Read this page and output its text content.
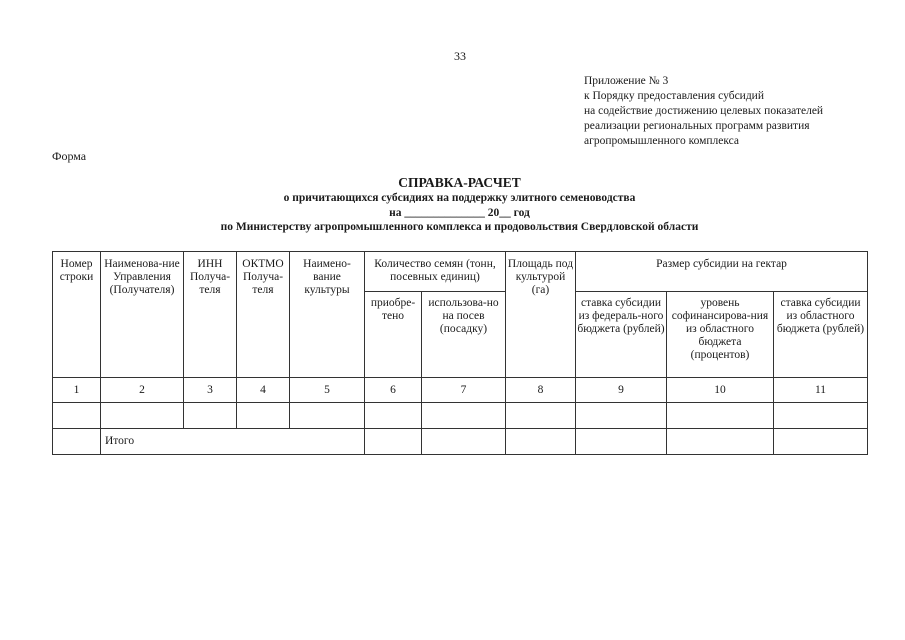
33
Приложение № 3
к Порядку предоставления субсидий
на содействие достижению целевых показателей
реализации региональных программ развития
агропромышленного комплекса
Форма
СПРАВКА-РАСЧЕТ
о причитающихся субсидиях на поддержку элитного семеноводства
на ______________ 20__ год
по Министерству агропромышленного комплекса и продовольствия Свердловской области
Номер строки	Наименова-ние Управления (Получателя)	ИНН Получа-теля	ОКТМО Получа-теля	Наимено-вание культуры	Количество семян (тонн, посевных единиц)		Площадь под культурой (га)	Размер субсидии на гектар		
					приобре-тено	использова-но на посев (посадку)		ставка субсидии из федераль-ного бюджета (рублей)	уровень софинансирова-ния из областного бюджета (процентов)	ставка субсидии из областного бюджета (рублей)
1	2	3	4	5	6	7	8	9	10	11

	Итого									
